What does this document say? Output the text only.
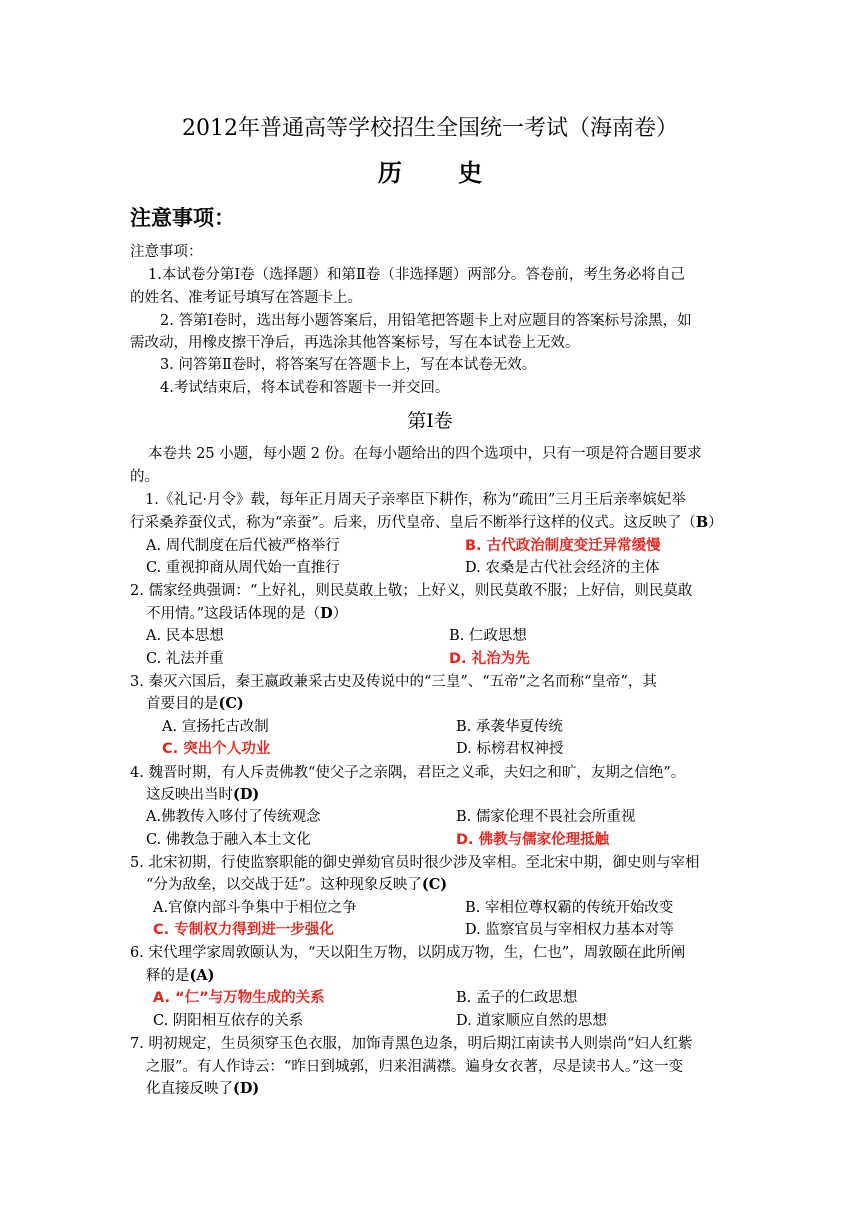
2012年普通高等学校招生全国统一考试（海南卷）
历 史
注意事项：
注意事项：
1.本试卷分第Ⅰ卷（选择题）和第Ⅱ卷（非选择题）两部分。答卷前，考生务必将自己
的姓名、准考证号填写在答题卡上。
2. 答第Ⅰ卷时，选出每小题答案后，用铅笔把答题卡上对应题目的答案标号涂黑，如
需改动，用橡皮擦干净后，再选涂其他答案标号，写在本试卷上无效。
3. 问答第Ⅱ卷时，将答案写在答题卡上，写在本试卷无效。
4.考试结束后，将本试卷和答题卡一并交回。
第Ⅰ卷
本卷共 25 小题，每小题 2 份。在每小题给出的四个选项中，只有一项是符合题目要求
的。
1.《礼记·月令》载，每年正月周天子亲率臣下耕作，称为“疏田”三月王后亲率嫔妃举
行采桑养蚕仪式，称为“亲蚕”。后来，历代皇帝、皇后不断举行这样的仪式。这反映了（B）
A. 周代制度在后代被严格举行	B. 古代政治制度变迁异常缓慢
C. 重视抑商从周代始一直推行	D. 农桑是古代社会经济的主体
2. 儒家经典强调：“上好礼，则民莫敢上敬；上好义，则民莫敢不服；上好信，则民莫敢
不用情。”这段话体现的是（D）
A. 民本思想	B. 仁政思想
C. 礼法并重	D. 礼治为先
3. 秦灭六国后，秦王嬴政兼采古史及传说中的“三皇”、“五帝”之名而称“皇帝”，其
首要目的是(C)
A. 宣扬托古改制	B. 承袭华夏传统
C. 突出个人功业	D. 标榜君权神授
4. 魏晋时期，有人斥责佛教“使父子之亲隅，君臣之义乖，夫妇之和旷，友期之信绝”。
这反映出当时(D)
A.佛教传入哆付了传统观念	B. 儒家伦理不畏社会所重视
C. 佛教急于融入本土文化	D. 佛教与儒家伦理抵触
5. 北宋初期，行使监察职能的御史弹劾官员时很少涉及宰相。至北宋中期，御史则与宰相
“分为敌垒，以交战于廷”。这种现象反映了(C)
A.官僚内部斗争集中于相位之争	B. 宰相位尊权霸的传统开始改变
C. 专制权力得到进一步强化	D. 监察官员与宰相权力基本对等
6. 宋代理学家周敦颐认为，“天以阳生万物，以阴成万物，生，仁也”，周敦颐在此所阐
释的是(A)
A. “仁”与万物生成的关系	B. 孟子的仁政思想
C. 阴阳相互依存的关系	D. 道家顺应自然的思想
7. 明初规定，生员须穿玉色衣服，加饰青黑色边条，明后期江南读书人则崇尚“妇人红紫
之服”。有人作诗云：“昨日到城郭，归来泪满襟。遍身女衣著，尽是读书人。”这一变
化直接反映了(D)
